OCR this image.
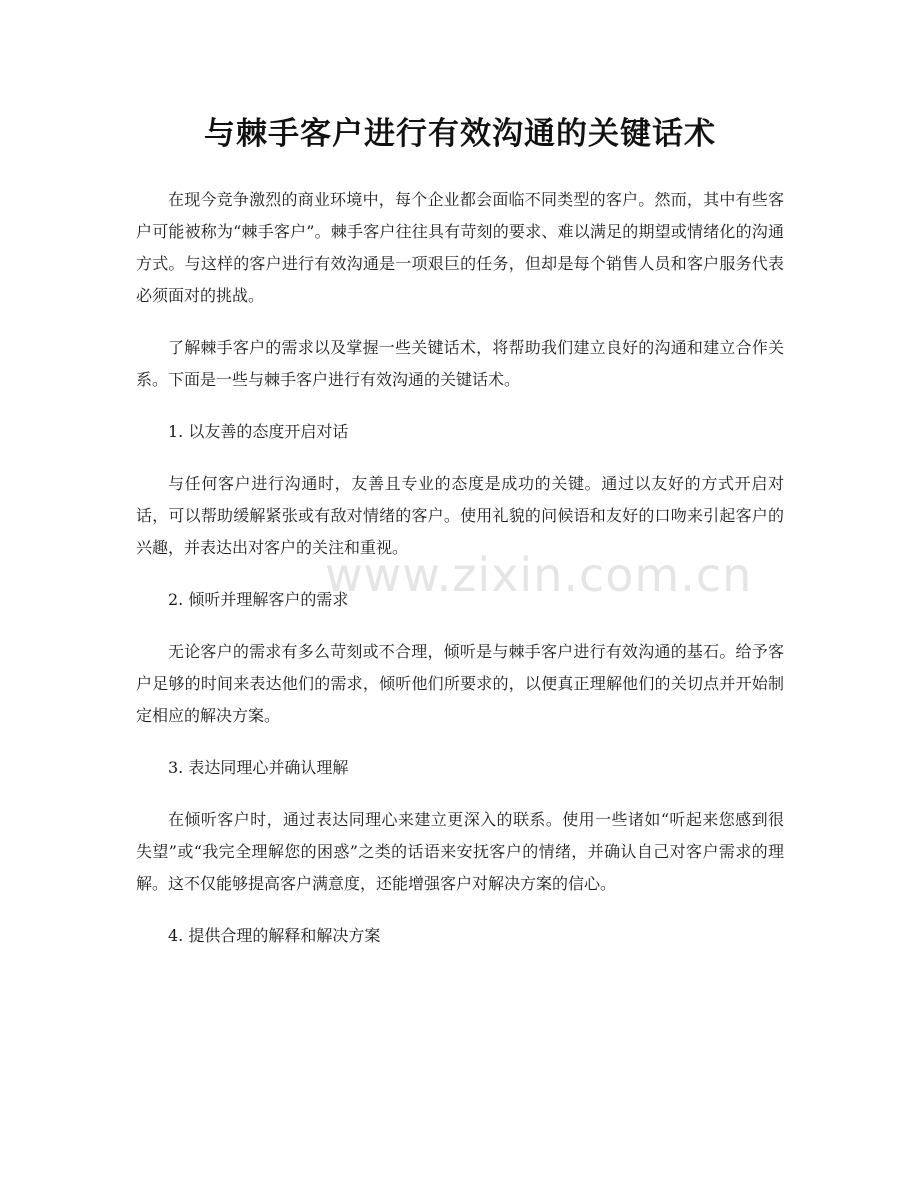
与棘手客户进行有效沟通的关键话术

在现今竞争激烈的商业环境中，每个企业都会面临不同类型的客户。然而，其中有些客户可能被称为“棘手客户”。棘手客户往往具有苛刻的要求、难以满足的期望或情绪化的沟通方式。与这样的客户进行有效沟通是一项艰巨的任务，但却是每个销售人员和客户服务代表必须面对的挑战。

了解棘手客户的需求以及掌握一些关键话术，将帮助我们建立良好的沟通和建立合作关系。下面是一些与棘手客户进行有效沟通的关键话术。

1. 以友善的态度开启对话

与任何客户进行沟通时，友善且专业的态度是成功的关键。通过以友好的方式开启对话，可以帮助缓解紧张或有敌对情绪的客户。使用礼貌的问候语和友好的口吻来引起客户的兴趣，并表达出对客户的关注和重视。

2. 倾听并理解客户的需求

无论客户的需求有多么苛刻或不合理，倾听是与棘手客户进行有效沟通的基石。给予客户足够的时间来表达他们的需求，倾听他们所要求的，以便真正理解他们的关切点并开始制定相应的解决方案。

3. 表达同理心并确认理解

在倾听客户时，通过表达同理心来建立更深入的联系。使用一些诸如“听起来您感到很失望”或“我完全理解您的困惑”之类的话语来安抚客户的情绪，并确认自己对客户需求的理解。这不仅能够提高客户满意度，还能增强客户对解决方案的信心。

4. 提供合理的解释和解决方案

www.zixin.com.cn
